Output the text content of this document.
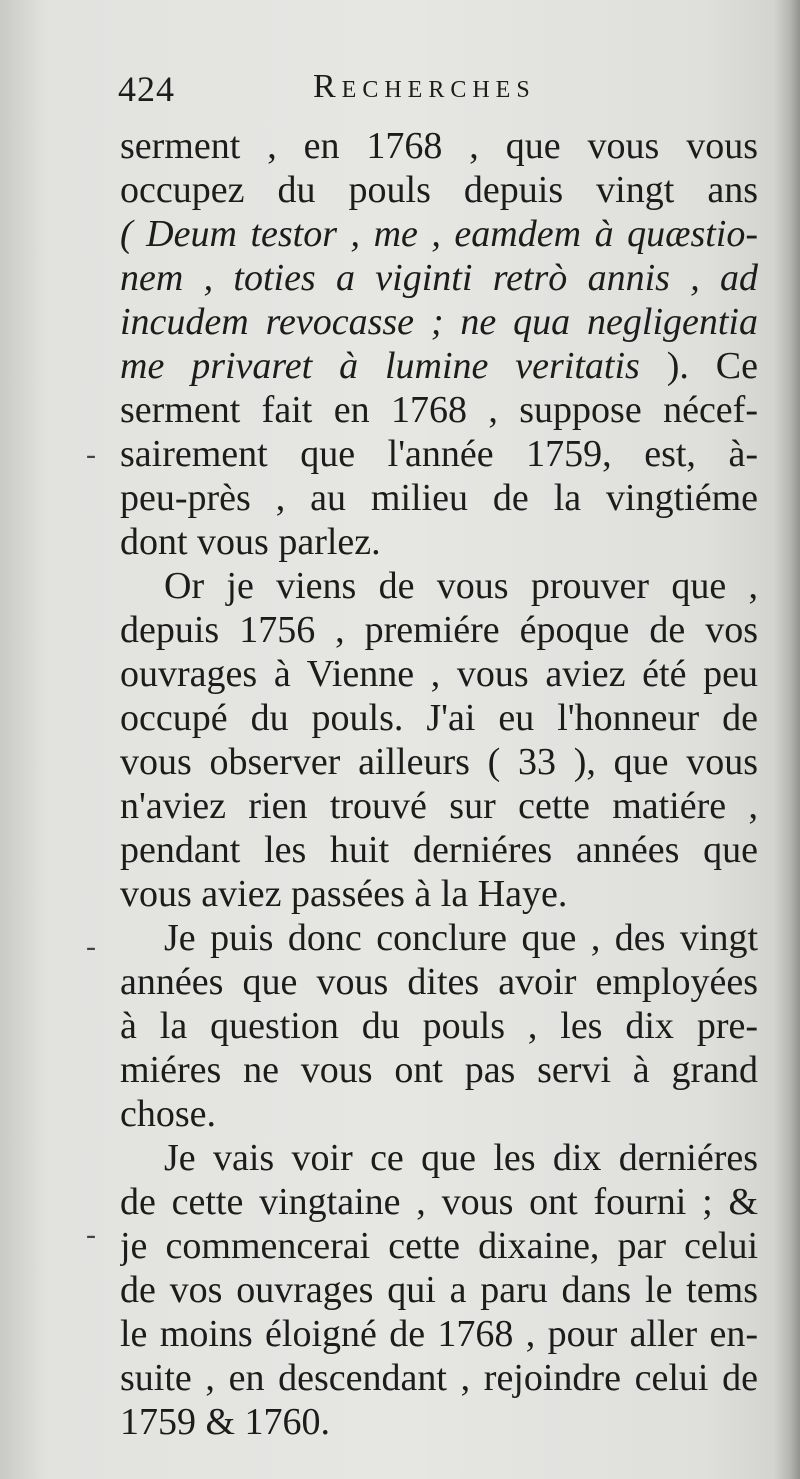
424	Recherches
-
-
-
serment , en 1768 , que vous vous
occupez du pouls depuis vingt ans
( Deum testor , me , eamdem à quæstio-
nem , toties a viginti retrò annis , ad
incudem revocasse ; ne qua negligentia
me privaret à lumine veritatis ). Ce
serment fait en 1768 , suppose nécef-
sairement que l'année 1759, est, à-
peu-près , au milieu de la vingtiéme
dont vous parlez.
Or je viens de vous prouver que ,
depuis 1756 , premiére époque de vos
ouvrages à Vienne , vous aviez été peu
occupé du pouls. J'ai eu l'honneur de
vous observer ailleurs ( 33 ), que vous
n'aviez rien trouvé sur cette matiére ,
pendant les huit derniéres années que
vous aviez passées à la Haye.
Je puis donc conclure que , des vingt
années que vous dites avoir employées
à la question du pouls , les dix pre-
miéres ne vous ont pas servi à grand
chose.
Je vais voir ce que les dix derniéres
de cette vingtaine , vous ont fourni ; &
je commencerai cette dixaine, par celui
de vos ouvrages qui a paru dans le tems
le moins éloigné de 1768 , pour aller en-
suite , en descendant , rejoindre celui de
1759 & 1760.
